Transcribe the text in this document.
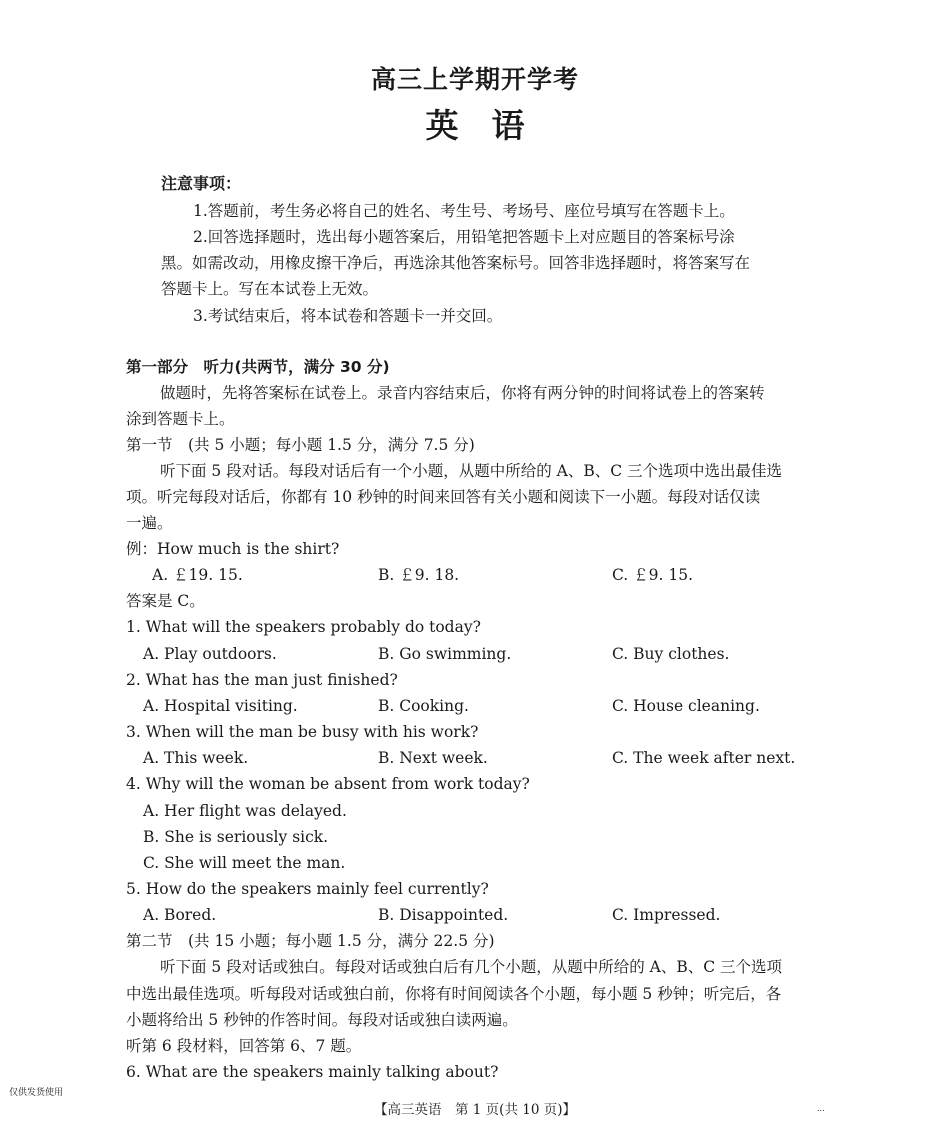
高三上学期开学考
英　语
注意事项：
1.答题前，考生务必将自己的姓名、考生号、考场号、座位号填写在答题卡上。
2.回答选择题时，选出每小题答案后，用铅笔把答题卡上对应题目的答案标号涂
黑。如需改动，用橡皮擦干净后，再选涂其他答案标号。回答非选择题时，将答案写在
答题卡上。写在本试卷上无效。
3.考试结束后，将本试卷和答题卡一并交回。
第一部分　听力(共两节，满分 30 分)
做题时，先将答案标在试卷上。录音内容结束后，你将有两分钟的时间将试卷上的答案转
涂到答题卡上。
第一节　(共 5 小题；每小题 1.5 分，满分 7.5 分)
听下面 5 段对话。每段对话后有一个小题，从题中所给的 A、B、C 三个选项中选出最佳选
项。听完每段对话后，你都有 10 秒钟的时间来回答有关小题和阅读下一小题。每段对话仅读
一遍。
例：How much is the shirt?
A. ￡19. 15.	B. ￡9. 18.	C. ￡9. 15.
答案是 C。
1. What will the speakers probably do today?
A. Play outdoors.	B. Go swimming.	C. Buy clothes.
2. What has the man just finished?
A. Hospital visiting.	B. Cooking.	C. House cleaning.
3. When will the man be busy with his work?
A. This week.	B. Next week.	C. The week after next.
4. Why will the woman be absent from work today?
A. Her flight was delayed.
B. She is seriously sick.
C. She will meet the man.
5. How do the speakers mainly feel currently?
A. Bored.	B. Disappointed.	C. Impressed.
第二节　(共 15 小题；每小题 1.5 分，满分 22.5 分)
听下面 5 段对话或独白。每段对话或独白后有几个小题，从题中所给的 A、B、C 三个选项
中选出最佳选项。听每段对话或独白前，你将有时间阅读各个小题，每小题 5 秒钟；听完后，各
小题将给出 5 秒钟的作答时间。每段对话或独白读两遍。
听第 6 段材料，回答第 6、7 题。
6. What are the speakers mainly talking about?
仅供发货使用
【高三英语　第 1 页(共 10 页)】	...
